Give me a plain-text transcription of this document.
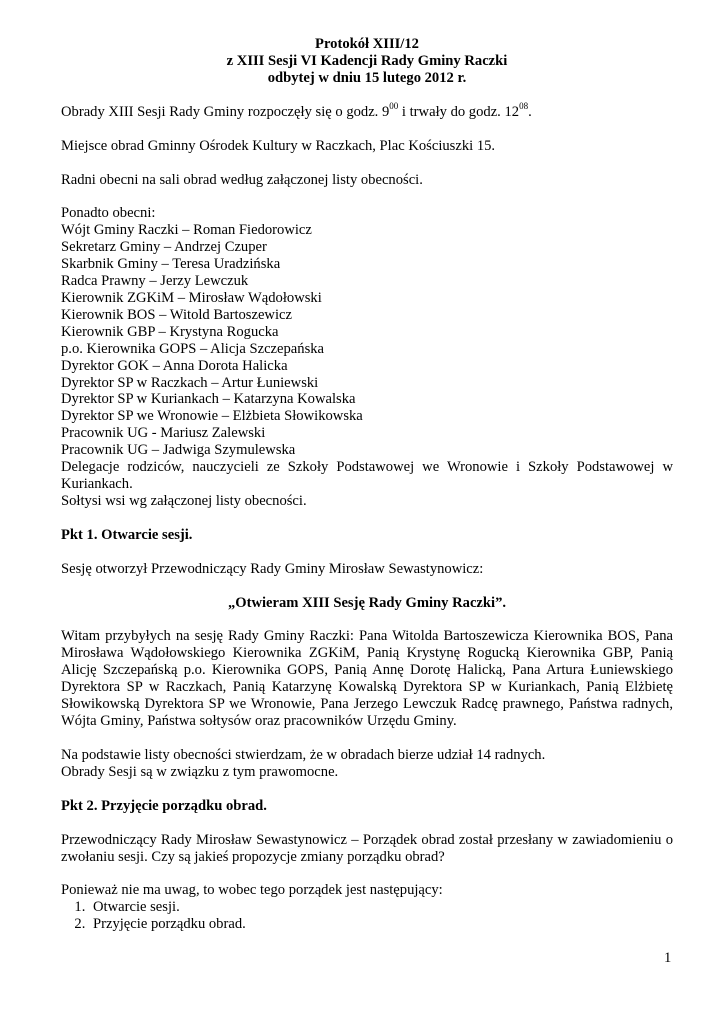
Protokół XIII/12
z XIII Sesji VI Kadencji Rady Gminy Raczki
odbytej w dniu 15 lutego 2012 r.

Obrady XIII Sesji Rady Gminy rozpoczęły się o godz. $9^{00}$ i trwały do godz. $12^{08}$.

Miejsce obrad Gminny Ośrodek Kultury w Raczkach, Plac Kościuszki 15.

Radni obecni na sali obrad według załączonej listy obecności.

Ponadto obecni:

Wójt Gminy Raczki – Roman Fiedorowicz

Sekretarz Gminy – Andrzej Czuper

Skarbnik Gminy – Teresa Uradzińska

Radca Prawny – Jerzy Lewczuk

Kierownik ZGKiM – Mirosław Wądołowski

Kierownik BOS – Witold Bartoszewicz

Kierownik GBP – Krystyna Rogucka

p.o. Kierownika GOPS – Alicja Szczepańska

Dyrektor GOK – Anna Dorota Halicka

Dyrektor SP w Raczkach – Artur Łuniewski

Dyrektor SP w Kuriankach – Katarzyna Kowalska

Dyrektor SP we Wronowie – Elżbieta Słowikowska

Pracownik UG - Mariusz Zalewski

Pracownik UG – Jadwiga Szymulewska

Delegacje rodziców, nauczycieli ze Szkoły Podstawowej we Wronowie i Szkoły Podstawowej w Kuriankach.

Sołtysi wsi wg załączonej listy obecności.

Pkt 1. Otwarcie sesji.

Sesję otworzył Przewodniczący Rady Gminy Mirosław Sewastynowicz:

„Otwieram XIII Sesję Rady Gminy Raczki”.

Witam przybyłych na sesję Rady Gminy Raczki: Pana Witolda Bartoszewicza Kierownika BOS, Pana Mirosława Wądołowskiego Kierownika ZGKiM, Panią Krystynę Rogucką Kierownika GBP, Panią Alicję Szczepańską p.o. Kierownika GOPS, Panią Annę Dorotę Halicką, Pana Artura Łuniewskiego Dyrektora SP w Raczkach, Panią Katarzynę Kowalską Dyrektora SP w Kuriankach, Panią Elżbietę Słowikowską Dyrektora SP we Wronowie, Pana Jerzego Lewczuk Radcę prawnego, Państwa radnych, Wójta Gminy, Państwa sołtysów oraz pracowników Urzędu Gminy.

Na podstawie listy obecności stwierdzam, że w obradach bierze udział 14 radnych.

Obrady Sesji są w związku z tym prawomocne.

Pkt 2. Przyjęcie porządku obrad.

Przewodniczący Rady Mirosław Sewastynowicz – Porządek obrad został przesłany w zawiadomieniu o zwołaniu sesji. Czy są jakieś propozycje zmiany porządku obrad?

Ponieważ nie ma uwag, to wobec tego porządek jest następujący:

1. Otwarcie sesji.
2. Przyjęcie porządku obrad.
1
